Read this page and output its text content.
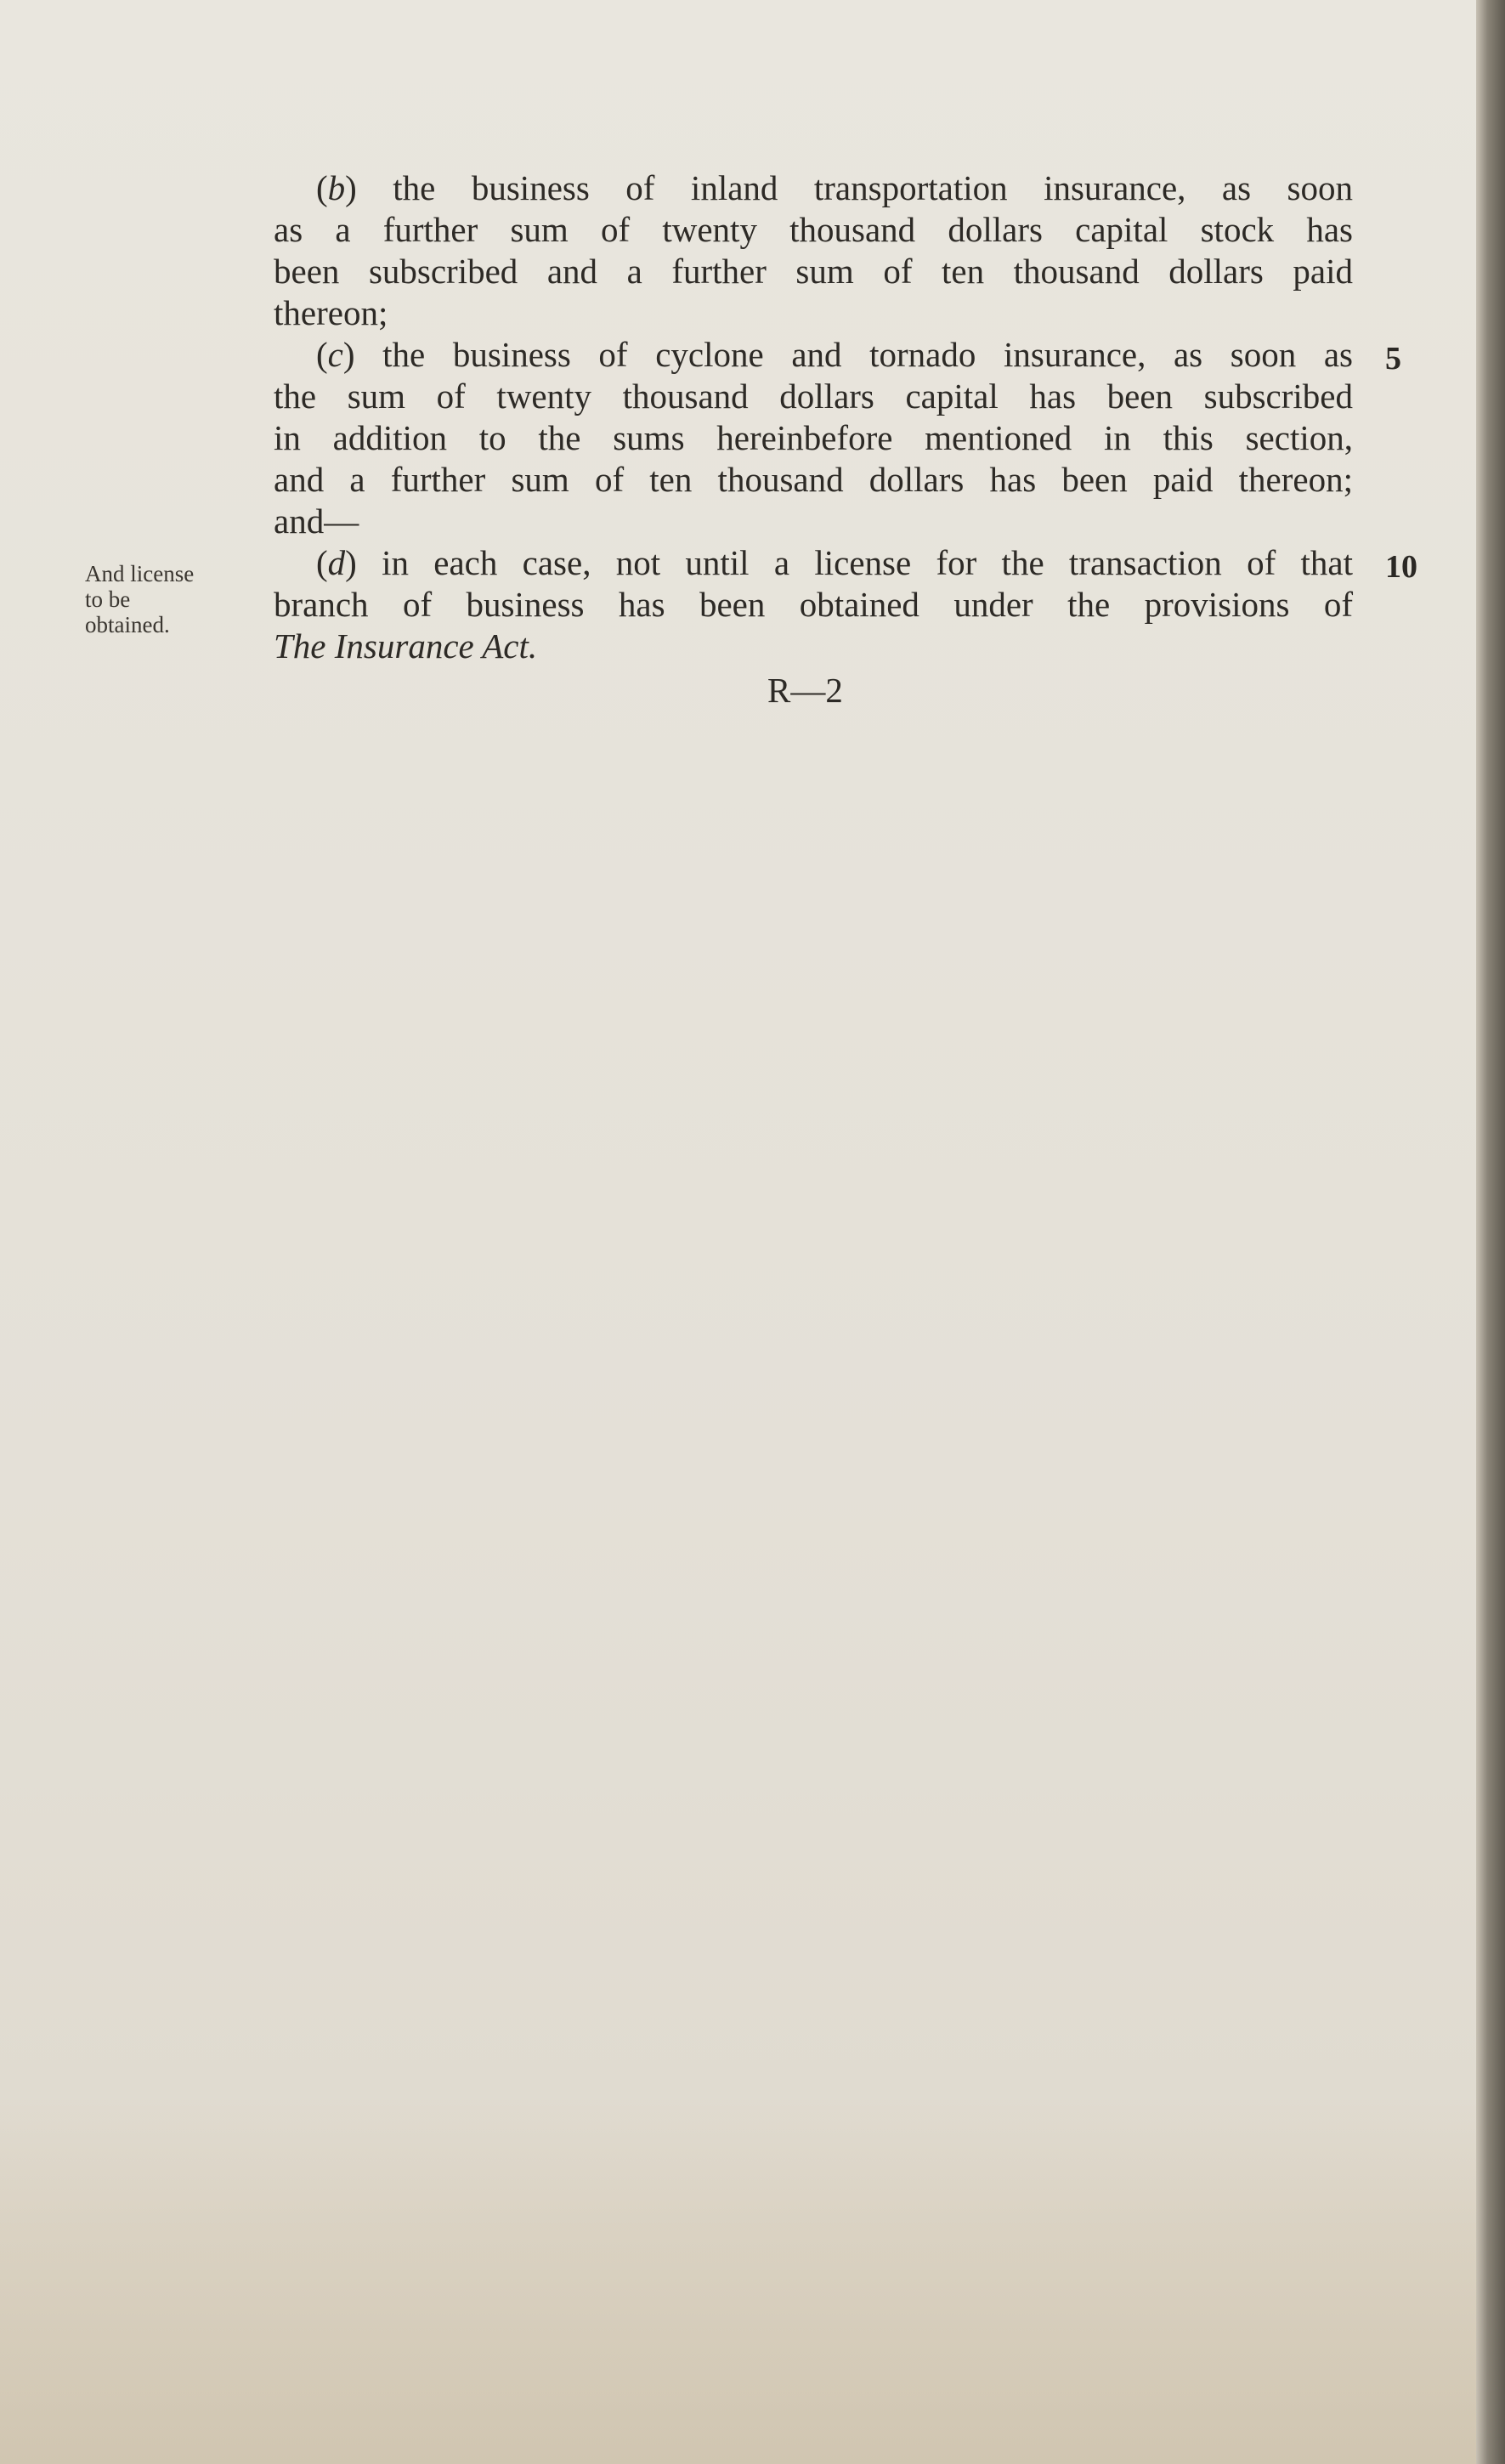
(b) the business of inland transportation insurance, as soon
as a further sum of twenty thousand dollars capital stock has
been subscribed and a further sum of ten thousand dollars paid
thereon;
(c) the business of cyclone and tornado insurance, as soon as
the sum of twenty thousand dollars capital has been subscribed
in addition to the sums hereinbefore mentioned in this section,
and a further sum of ten thousand dollars has been paid thereon;
and—
(d) in each case, not until a license for the transaction of that
branch of business has been obtained under the provisions of
The Insurance Act.
5
10
And license
to be
obtained.
R—2
